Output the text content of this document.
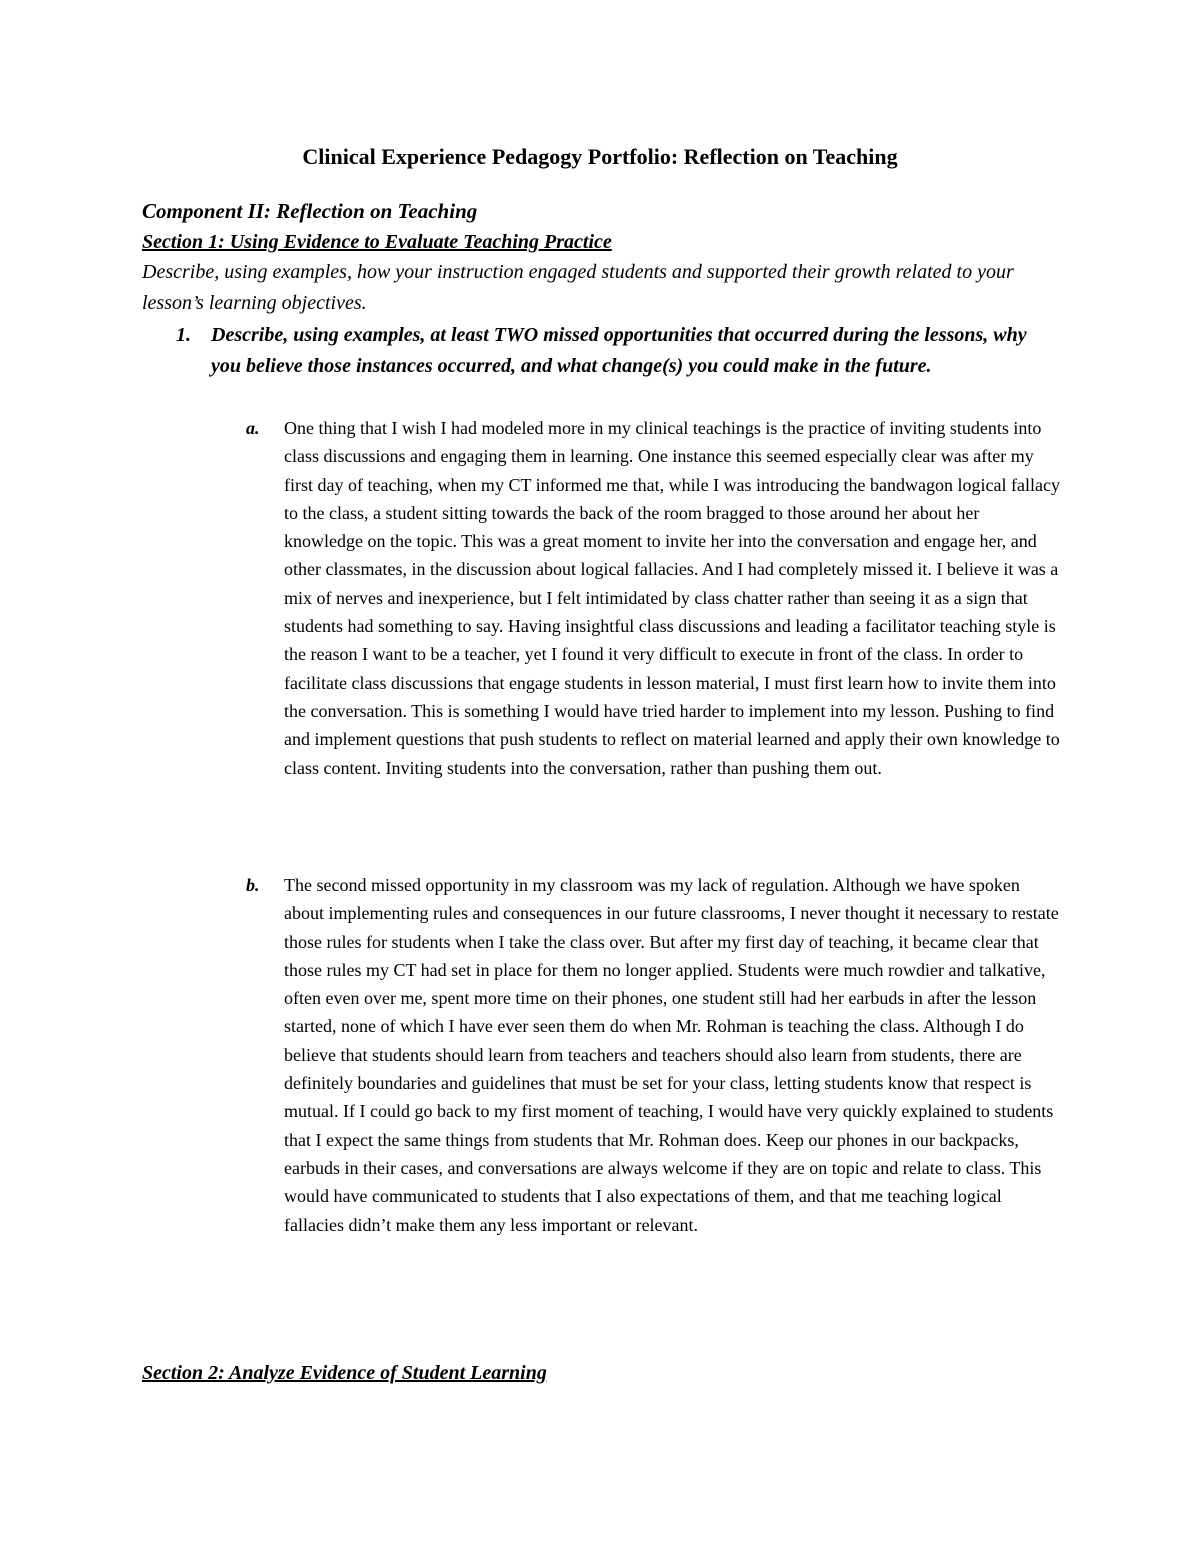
Clinical Experience Pedagogy Portfolio: Reflection on Teaching
Component II: Reflection on Teaching
Section 1: Using Evidence to Evaluate Teaching Practice

Describe, using examples, how your instruction engaged students and supported their growth related to your lesson’s learning objectives.

1. Describe, using examples, at least TWO missed opportunities that occurred during the lessons, why you believe those instances occurred, and what change(s) you could make in the future.
a. One thing that I wish I had modeled more in my clinical teachings is the practice of inviting students into class discussions and engaging them in learning. One instance this seemed especially clear was after my first day of teaching, when my CT informed me that, while I was introducing the bandwagon logical fallacy to the class, a student sitting towards the back of the room bragged to those around her about her knowledge on the topic. This was a great moment to invite her into the conversation and engage her, and other classmates, in the discussion about logical fallacies. And I had completely missed it. I believe it was a mix of nerves and inexperience, but I felt intimidated by class chatter rather than seeing it as a sign that students had something to say. Having insightful class discussions and leading a facilitator teaching style is the reason I want to be a teacher, yet I found it very difficult to execute in front of the class. In order to facilitate class discussions that engage students in lesson material, I must first learn how to invite them into the conversation. This is something I would have tried harder to implement into my lesson. Pushing to find and implement questions that push students to reflect on material learned and apply their own knowledge to class content. Inviting students into the conversation, rather than pushing them out.
b. The second missed opportunity in my classroom was my lack of regulation. Although we have spoken about implementing rules and consequences in our future classrooms, I never thought it necessary to restate those rules for students when I take the class over. But after my first day of teaching, it became clear that those rules my CT had set in place for them no longer applied. Students were much rowdier and talkative, often even over me, spent more time on their phones, one student still had her earbuds in after the lesson started, none of which I have ever seen them do when Mr. Rohman is teaching the class. Although I do believe that students should learn from teachers and teachers should also learn from students, there are definitely boundaries and guidelines that must be set for your class, letting students know that respect is mutual. If I could go back to my first moment of teaching, I would have very quickly explained to students that I expect the same things from students that Mr. Rohman does. Keep our phones in our backpacks, earbuds in their cases, and conversations are always welcome if they are on topic and relate to class. This would have communicated to students that I also expectations of them, and that me teaching logical fallacies didn’t make them any less important or relevant.
Section 2: Analyze Evidence of Student Learning
